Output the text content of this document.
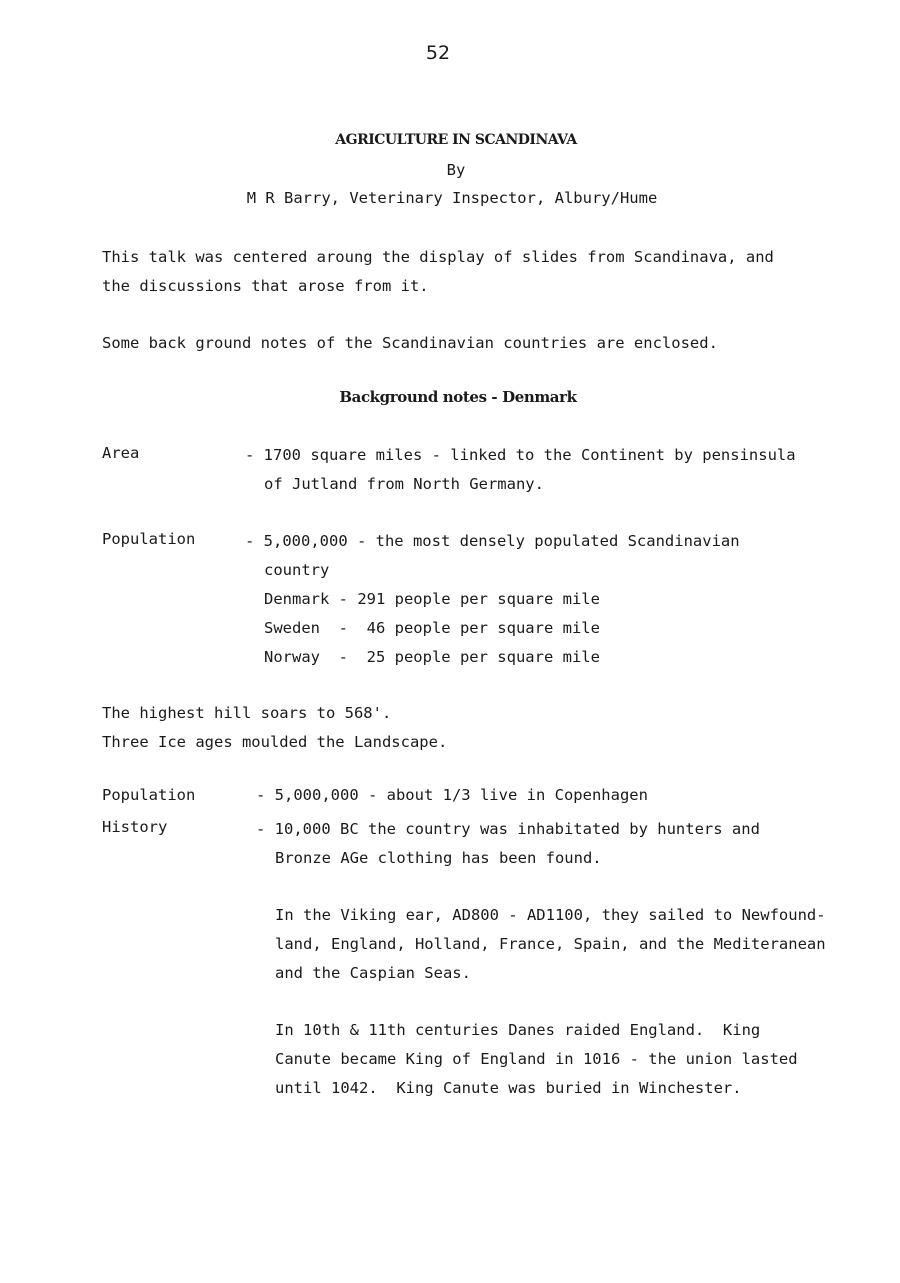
52
AGRICULTURE IN SCANDINAVA
By
M R Barry, Veterinary Inspector, Albury/Hume
This talk was centered aroung the display of slides from Scandinava, and
the discussions that arose from it.
Some back ground notes of the Scandinavian countries are enclosed.
Background notes - Denmark
Area	- 1700 square miles - linked to the Continent by pensinsula
of Jutland from North Germany.
Population	- 5,000,000 - the most densely populated Scandinavian
country
Denmark - 291 people per square mile
Sweden  -  46 people per square mile
Norway  -  25 people per square mile
The highest hill soars to 568'.
Three Ice ages moulded the Landscape.
Population	- 5,000,000 - about 1/3 live in Copenhagen
History	- 10,000 BC the country was inhabitated by hunters and
Bronze AGe clothing has been found.
In the Viking ear, AD800 - AD1100, they sailed to Newfound-
land, England, Holland, France, Spain, and the Mediteranean
and the Caspian Seas.
In 10th & 11th centuries Danes raided England.  King
Canute became King of England in 1016 - the union lasted
until 1042.  King Canute was buried in Winchester.
